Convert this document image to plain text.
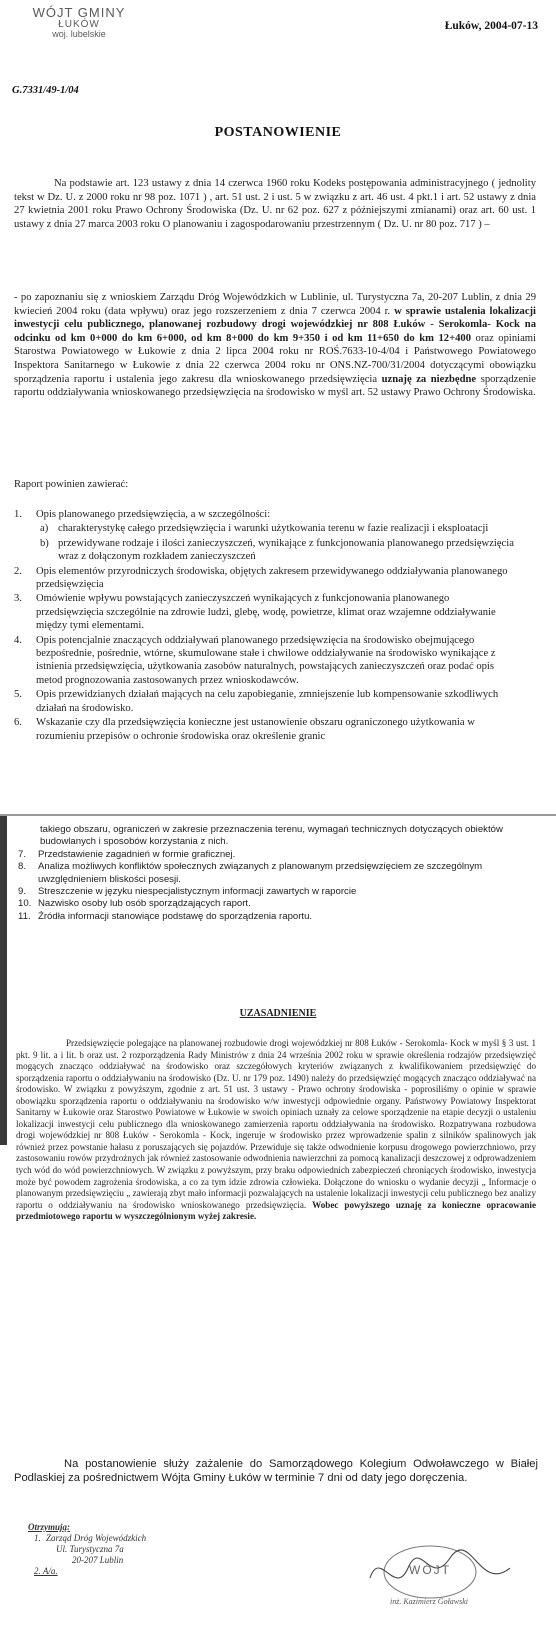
WÓJT GMINY
ŁUKÓW
woj. lubelskie
Łuków, 2004-07-13
G.7331/49-1/04
POSTANOWIENIE
Na podstawie art. 123 ustawy z dnia 14 czerwca 1960 roku Kodeks postępowania administracyjnego ( jednolity tekst w Dz. U. z 2000 roku nr 98 poz. 1071 ) , art. 51 ust. 2 i ust. 5 w związku z art. 46 ust. 4 pkt.1 i art. 52 ustawy z dnia 27 kwietnia 2001 roku Prawo Ochrony Środowiska (Dz. U. nr 62 poz. 627 z późniejszymi zmianami) oraz art. 60 ust. 1 ustawy z dnia 27 marca 2003 roku O planowaniu i zagospodarowaniu przestrzennym ( Dz. U. nr 80 poz. 717 ) –
- po zapoznaniu się z wnioskiem Zarządu Dróg Wojewódzkich w Lublinie, ul. Turystyczna 7a, 20-207 Lublin, z dnia 29 kwiecień 2004 roku (data wpływu) oraz jego rozszerzeniem z dnia 7 czerwca 2004 r. w sprawie ustalenia lokalizacji inwestycji celu publicznego, planowanej rozbudowy drogi wojewódzkiej nr 808 Łuków - Serokomla- Kock na odcinku od km 0+000 do km 6+000, od km 8+000 do km 9+350 i od km 11+650 do km 12+400 oraz opiniami Starostwa Powiatowego w Łukowie z dnia 2 lipca 2004 roku nr ROŚ.7633-10-4/04 i Państwowego Powiatowego Inspektora Sanitarnego w Łukowie z dnia 22 czerwca 2004 roku nr ONS.NZ-700/31/2004 dotyczącymi obowiązku sporządzenia raportu i ustalenia jego zakresu dla wnioskowanego przedsięwzięcia uznaję za niezbędne sporządzenie raportu oddziaływania wnioskowanego przedsięwzięcia na środowisko w myśl art. 52 ustawy Prawo Ochrony Środowiska.
Raport powinien zawierać:
1. Opis planowanego przedsięwzięcia, a w szczególności:
a) charakterystykę całego przedsięwzięcia i warunki użytkowania terenu w fazie realizacji i eksploatacji
b) przewidywane rodzaje i ilości zanieczyszczeń, wynikające z funkcjonowania planowanego przedsięwzięcia wraz z dołączonym rozkładem zanieczyszczeń
2. Opis elementów przyrodniczych środowiska, objętych zakresem przewidywanego oddziaływania planowanego przedsięwzięcia
3. Omówienie wpływu powstających zanieczyszczeń wynikających z funkcjonowania planowanego przedsięwzięcia szczególnie na zdrowie ludzi, glebę, wodę, powietrze, klimat oraz wzajemne oddziaływanie między tymi elementami.
4. Opis potencjalnie znaczących oddziaływań planowanego przedsięwzięcia na środowisko obejmującego bezpośrednie, pośrednie, wtórne, skumulowane stałe i chwilowe oddziaływanie na środowisko wynikające z istnienia przedsięwzięcia, użytkowania zasobów naturalnych, powstających zanieczyszczeń oraz podać opis metod prognozowania zastosowanych przez wnioskodawców.
5. Opis przewidzianych działań mających na celu zapobieganie, zmniejszenie lub kompensowanie szkodliwych działań na środowisko.
6. Wskazanie czy dla przedsięwzięcia konieczne jest ustanowienie obszaru ograniczonego użytkowania w rozumieniu przepisów o ochronie środowiska oraz określenie granic
takiego obszaru, ograniczeń w zakresie przeznaczenia terenu, wymagań technicznych dotyczących obiektów budowlanych i sposobów korzystania z nich.
7. Przedstawienie zagadnień w formie graficznej.
8. Analiza możliwych konfliktów społecznych związanych z planowanym przedsięwzięciem ze szczególnym uwzględnieniem bliskości posesji.
9. Streszczenie w języku niespecjalistycznym informacji zawartych w raporcie
10. Nazwisko osoby lub osób sporządzających raport.
11. Źródła informacji stanowiące podstawę do sporządzenia raportu.
UZASADNIENIE
Przedsięwzięcie polegające na planowanej rozbudowie drogi wojewódzkiej nr 808 Łuków - Serokomla- Kock w myśl § 3 ust. 1 pkt. 9 lit. a i lit. b oraz ust. 2 rozporządzenia Rady Ministrów z dnia 24 września 2002 roku w sprawie określenia rodzajów przedsięwzięć mogących znacząco oddziaływać na środowisko oraz szczegółowych kryteriów związanych z kwalifikowaniem przedsięwzięć do sporządzenia raportu o oddziaływaniu na środowisko (Dz. U. nr 179 poz. 1490) należy do przedsięwzięć mogących znacząco oddziaływać na środowisko. W związku z powyższym, zgodnie z art. 51 ust. 3 ustawy - Prawo ochrony środowiska - poprosiliśmy o opinie w sprawie obowiązku sporządzenia raportu o oddziaływaniu na środowisko w/w inwestycji odpowiednie organy. Państwowy Powiatowy Inspektorat Sanitarny w Łukowie oraz Starostwo Powiatowe w Łukowie w swoich opiniach uznały za celowe sporządzenie na etapie decyzji o ustaleniu lokalizacji inwestycji celu publicznego dla wnioskowanego zamierzenia raportu oddziaływania na środowisko. Rozpatrywana rozbudowa drogi wojewódzkiej nr 808 Łuków - Serokomla - Kock, ingeruje w środowisko przez wprowadzenie spalin z silników spalinowych jak również przez powstanie hałasu z poruszających się pojazdów. Przewiduje się także odwodnienie korpusu drogowego powierzchniowo, przy zastosowaniu rowów przydrożnych jak również zastosowanie odwodnienia nawierzchni za pomocą kanalizacji deszczowej z odprowadzeniem tych wód do wód powierzchniowych. W związku z powyższym, przy braku odpowiednich zabezpieczeń chroniących środowisko, inwestycja może być powodem zagrożenia środowiska, a co za tym idzie zdrowia człowieka. Dołączone do wniosku o wydanie decyzji „ Informacje o planowanym przedsięwzięciu „ zawierają zbyt mało informacji pozwalających na ustalenie lokalizacji inwestycji celu publicznego bez analizy raportu o oddziaływaniu na środowisko wnioskowanego przedsięwzięcia. Wobec powyższego uznaję za konieczne opracowanie przedmiotowego raportu w wyszczególnionym wyżej zakresie.
Na postanowienie służy zażalenie do Samorządowego Kolegium Odwoławczego w Białej Podlaskiej za pośrednictwem Wójta Gminy Łuków w terminie 7 dni od daty jego doręczenia.
Otrzymują:
1. Zarząd Dróg Wojewódzkich
Ul. Turystyczna 7a
20-207 Lublin
2. A/a.	WÓJT
inż. Kazimierz Goławski
